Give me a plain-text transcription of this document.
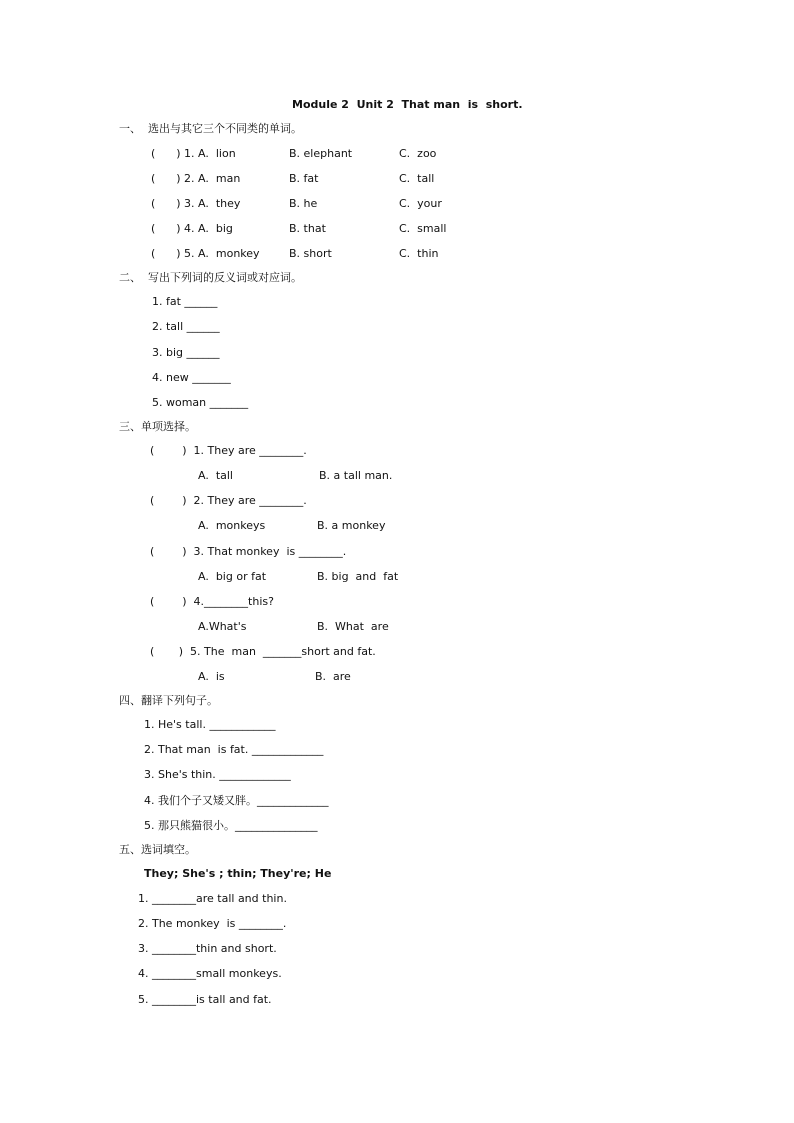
Module 2  Unit 2  That man  is  short.
一、  选出与其它三个不同类的单词。
(      ) 1. A.  lion	B. elephant	C.  zoo
(      ) 2. A.  man	B. fat	C.  tall
(      ) 3. A.  they	B. he	C.  your
(      ) 4. A.  big	B. that	C.  small
(      ) 5. A.  monkey	B. short	C.  thin
二、  写出下列词的反义词或对应词。
1. fat ______
2. tall ______
3. big ______
4. new _______
5. woman _______
三、单项选择。
(        )  1. They are ________.
A.  tall	B. a tall man.
(        )  2. They are ________.
A.  monkeys	B. a monkey
(        )  3. That monkey  is ________.
A.  big or fat	B. big  and  fat
(        )  4.________this?
A.What's	B.  What  are
(       )  5. The  man  _______short and fat.
A.  is	B.  are
四、翻译下列句子。
1. He's tall. ____________
2. That man  is fat. _____________
3. She's thin. _____________
4. 我们个子又矮又胖。_____________
5. 那只熊猫很小。_______________
五、选词填空。
They; She's ; thin; They're; He
1. ________are tall and thin.
2. The monkey  is ________.
3. ________thin and short.
4. ________small monkeys.
5. ________is tall and fat.
